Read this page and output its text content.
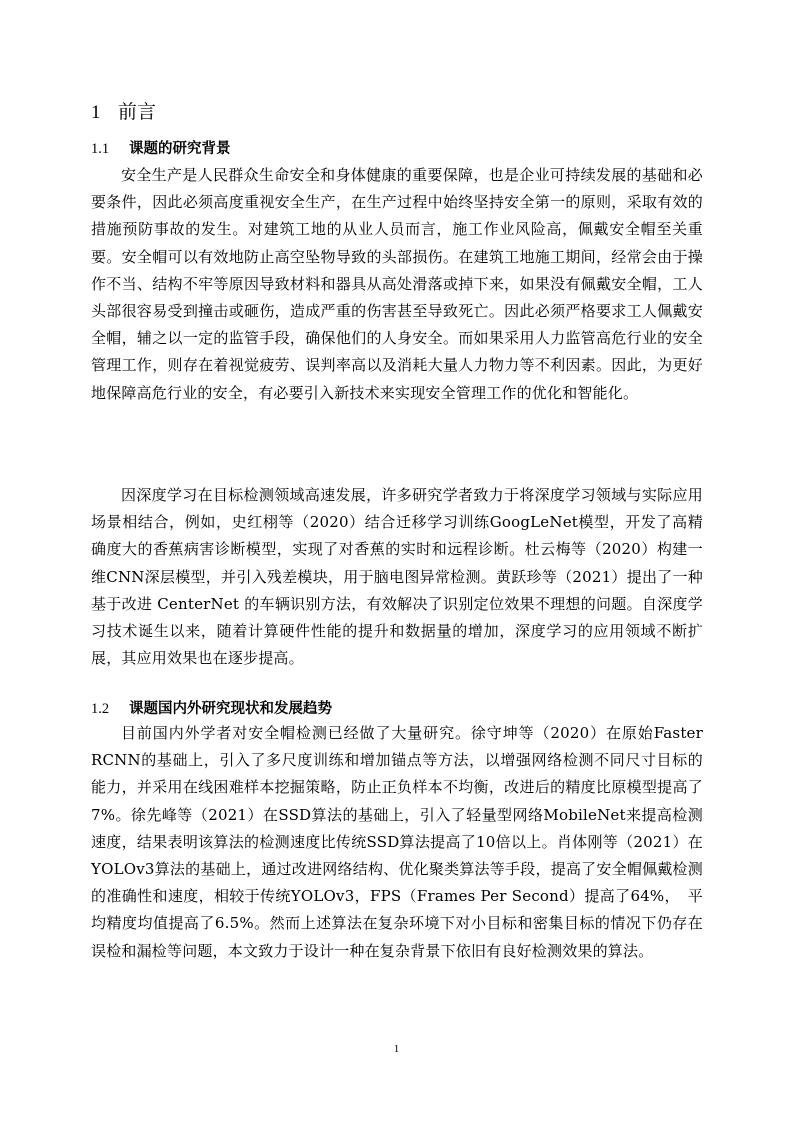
1 前言
1.1 课题的研究背景

安全生产是人民群众生命安全和身体健康的重要保障，也是企业可持续发展的基础和必要条件，因此必须高度重视安全生产，在生产过程中始终坚持安全第一的原则，采取有效的措施预防事故的发生。对建筑工地的从业人员而言，施工作业风险高，佩戴安全帽至关重要。安全帽可以有效地防止高空坠物导致的头部损伤。在建筑工地施工期间，经常会由于操作不当、结构不牢等原因导致材料和器具从高处滑落或掉下来，如果没有佩戴安全帽，工人头部很容易受到撞击或砸伤，造成严重的伤害甚至导致死亡。因此必须严格要求工人佩戴安全帽，辅之以一定的监管手段，确保他们的人身安全。而如果采用人力监管高危行业的安全管理工作，则存在着视觉疲劳、误判率高以及消耗大量人力物力等不利因素。因此，为更好地保障高危行业的安全，有必要引入新技术来实现安全管理工作的优化和智能化。

因深度学习在目标检测领域高速发展，许多研究学者致力于将深度学习领域与实际应用场景相结合，例如，史红栩等（2020）结合迁移学习训练GoogLeNet模型，开发了高精确度大的香蕉病害诊断模型，实现了对香蕉的实时和远程诊断。杜云梅等（2020）构建一维CNN深层模型，并引入残差模块，用于脑电图异常检测。黄跃珍等（2021）提出了一种基于改进 CenterNet 的车辆识别方法，有效解决了识别定位效果不理想的问题。自深度学习技术诞生以来，随着计算硬件性能的提升和数据量的增加，深度学习的应用领域不断扩展，其应用效果也在逐步提高。

1.2 课题国内外研究现状和发展趋势

目前国内外学者对安全帽检测已经做了大量研究。徐守坤等（2020）在原始Faster RCNN的基础上，引入了多尺度训练和增加锚点等方法，以增强网络检测不同尺寸目标的能力，并采用在线困难样本挖掘策略，防止正负样本不均衡，改进后的精度比原模型提高了7%。徐先峰等（2021）在SSD算法的基础上，引入了轻量型网络MobileNet来提高检测速度，结果表明该算法的检测速度比传统SSD算法提高了10倍以上。肖体刚等（2021）在YOLOv3算法的基础上，通过改进网络结构、优化聚类算法等手段，提高了安全帽佩戴检测的准确性和速度，相较于传统YOLOv3，FPS（Frames Per Second）提高了64%，　平均精度均值提高了6.5%。然而上述算法在复杂环境下对小目标和密集目标的情况下仍存在误检和漏检等问题，本文致力于设计一种在复杂背景下依旧有良好检测效果的算法。

1
